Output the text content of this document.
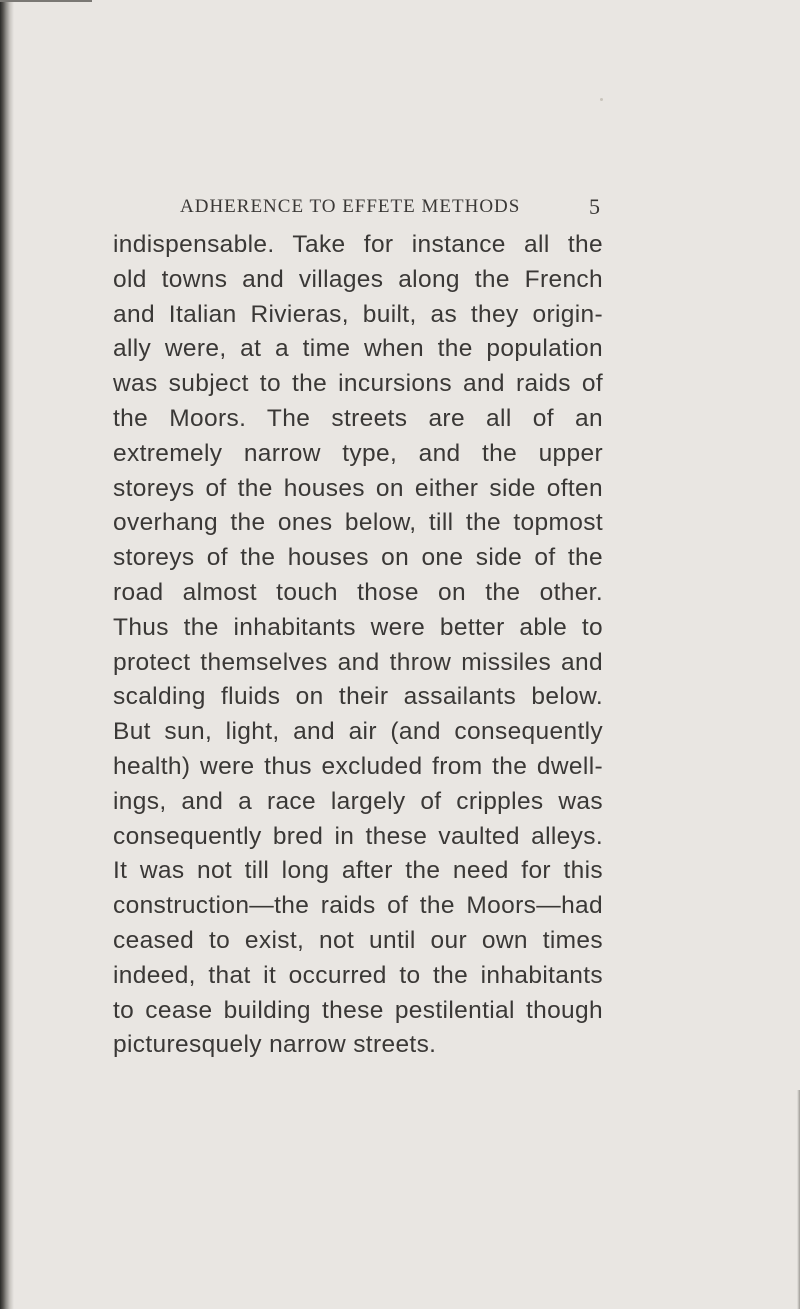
ADHERENCE TO EFFETE METHODS	5
indispensable. Take for instance all the
old towns and villages along the French
and Italian Rivieras, built, as they origin-
ally were, at a time when the population
was subject to the incursions and raids of
the Moors. The streets are all of an
extremely narrow type, and the upper
storeys of the houses on either side often
overhang the ones below, till the topmost
storeys of the houses on one side of the
road almost touch those on the other.
Thus the inhabitants were better able to
protect themselves and throw missiles and
scalding fluids on their assailants below.
But sun, light, and air (and consequently
health) were thus excluded from the dwell-
ings, and a race largely of cripples was
consequently bred in these vaulted alleys.
It was not till long after the need for this
construction—the raids of the Moors—had
ceased to exist, not until our own times
indeed, that it occurred to the inhabitants
to cease building these pestilential though
picturesquely narrow streets.
